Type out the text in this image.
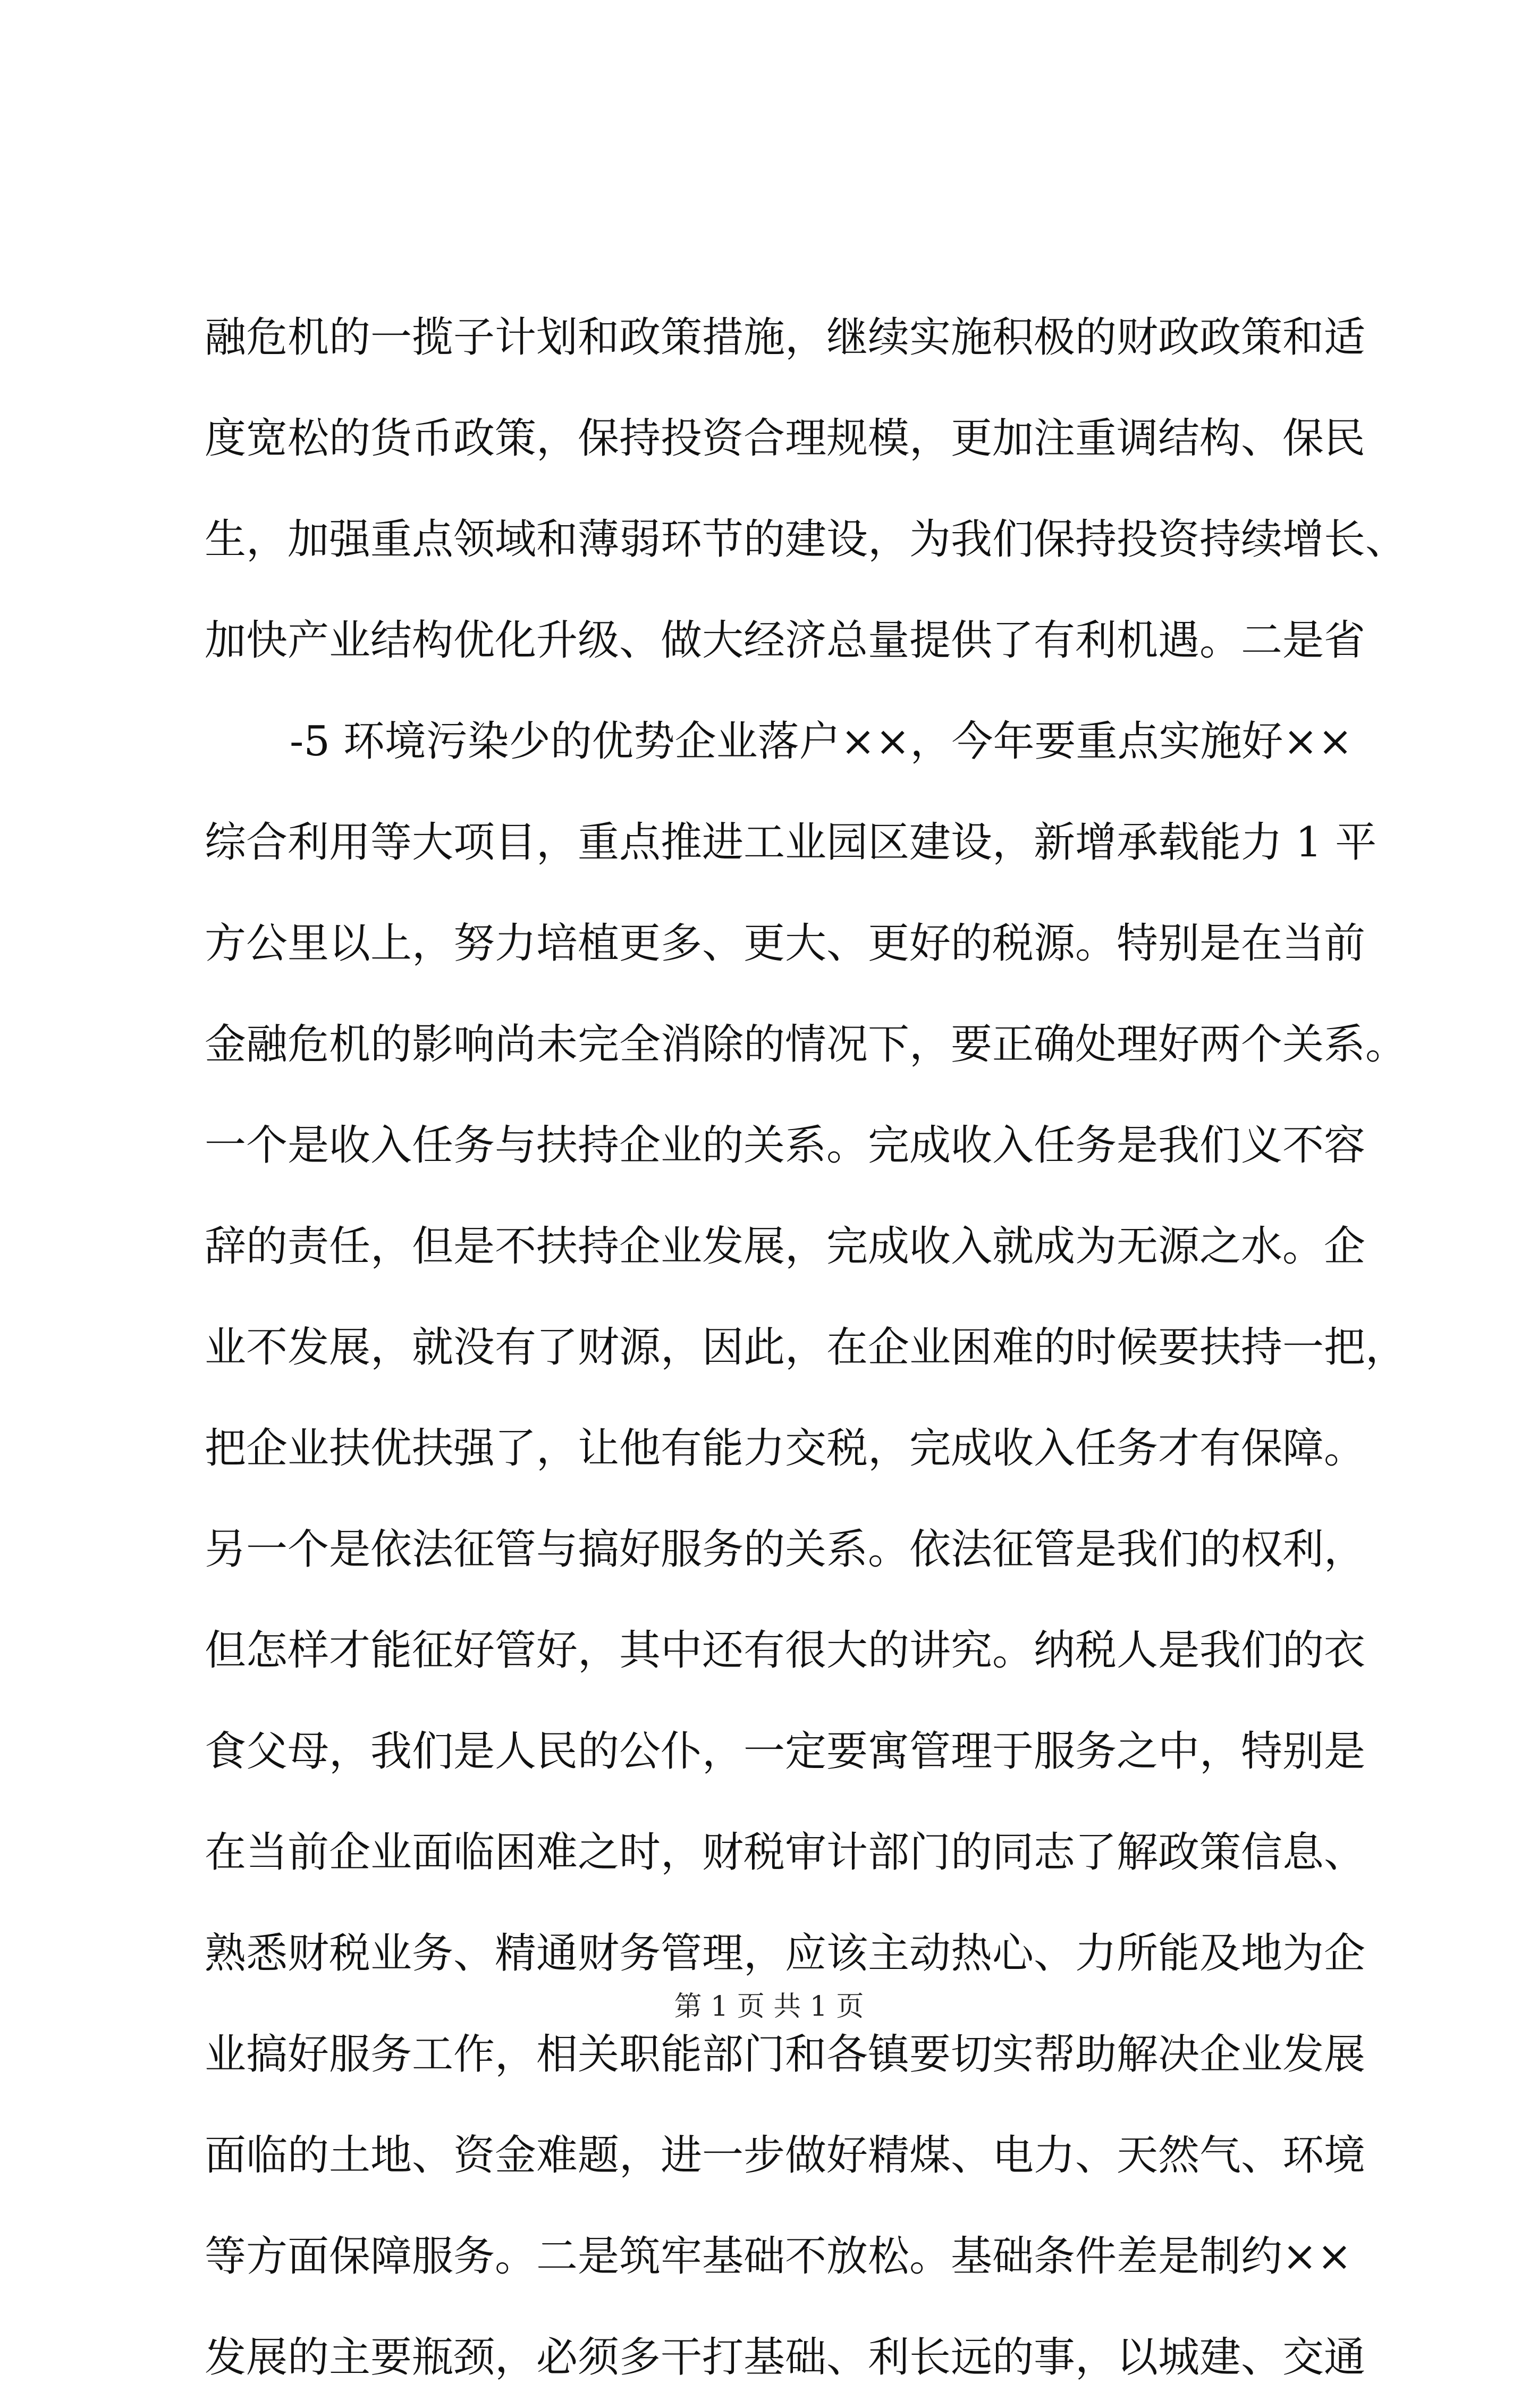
融危机的一揽子计划和政策措施，继续实施积极的财政政策和适
度宽松的货币政策，保持投资合理规模，更加注重调结构、保民
生，加强重点领域和薄弱环节的建设，为我们保持投资持续增长、
加快产业结构优化升级、做大经济总量提供了有利机遇。二是省
-5 环境污染少的优势企业落户××，今年要重点实施好××
综合利用等大项目，重点推进工业园区建设，新增承载能力 1 平
方公里以上，努力培植更多、更大、更好的税源。特别是在当前
金融危机的影响尚未完全消除的情况下，要正确处理好两个关系。
一个是收入任务与扶持企业的关系。完成收入任务是我们义不容
辞的责任，但是不扶持企业发展，完成收入就成为无源之水。企
业不发展，就没有了财源，因此，在企业困难的时候要扶持一把，
把企业扶优扶强了，让他有能力交税，完成收入任务才有保障。
另一个是依法征管与搞好服务的关系。依法征管是我们的权利，
但怎样才能征好管好，其中还有很大的讲究。纳税人是我们的衣
食父母，我们是人民的公仆，一定要寓管理于服务之中，特别是
在当前企业面临困难之时，财税审计部门的同志了解政策信息、
熟悉财税业务、精通财务管理，应该主动热心、力所能及地为企
业搞好服务工作，相关职能部门和各镇要切实帮助解决企业发展
面临的土地、资金难题，进一步做好精煤、电力、天然气、环境
等方面保障服务。二是筑牢基础不放松。基础条件差是制约××
发展的主要瓶颈，必须多干打基础、利长远的事，以城建、交通
第 1 页 共 1 页
